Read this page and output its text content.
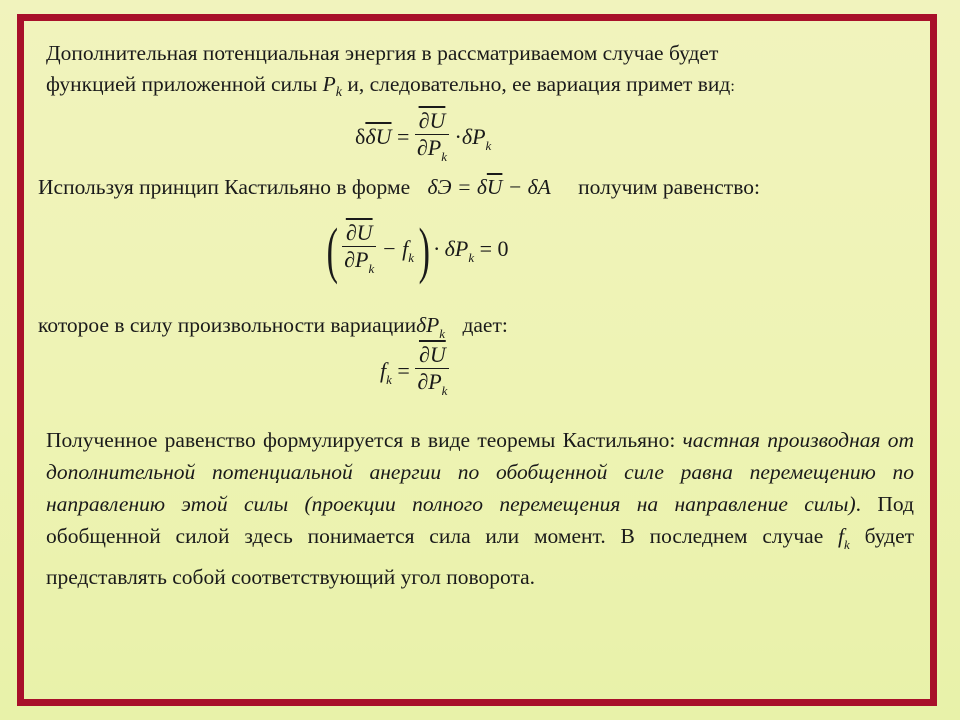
Дополнительная потенциальная энергия в рассматриваемом случае будет
функцией приложенной силы $P_k$ и, следовательно, ее вариация примет вид:
$\delta\overline{\delta U} = \frac{\partial U}{\partial P_k} \cdot\delta P_k$
Используя принцип Кастильяно в форме $\delta Э = \delta\overline{U} - \delta A$ получим равенство:
( $\frac{\partial U}{\partial P_k} - f_k$ ) · $\delta P_k = 0$
которое в силу произвольности вариацииδP$_k$ дает:
$f_k = \frac{\partial U}{\partial P_k}$
Полученное равенство формулируется в виде теоремы Кастильяно: частная производная от дополнительной потенциальной анергии по обобщенной силе равна перемещению по направлению этой силы (проекции полного перемещения на направление силы). Под обобщенной силой здесь понимается сила или момент. В последнем случае $f_k$ будет представлять собой соответствующий угол поворота.
